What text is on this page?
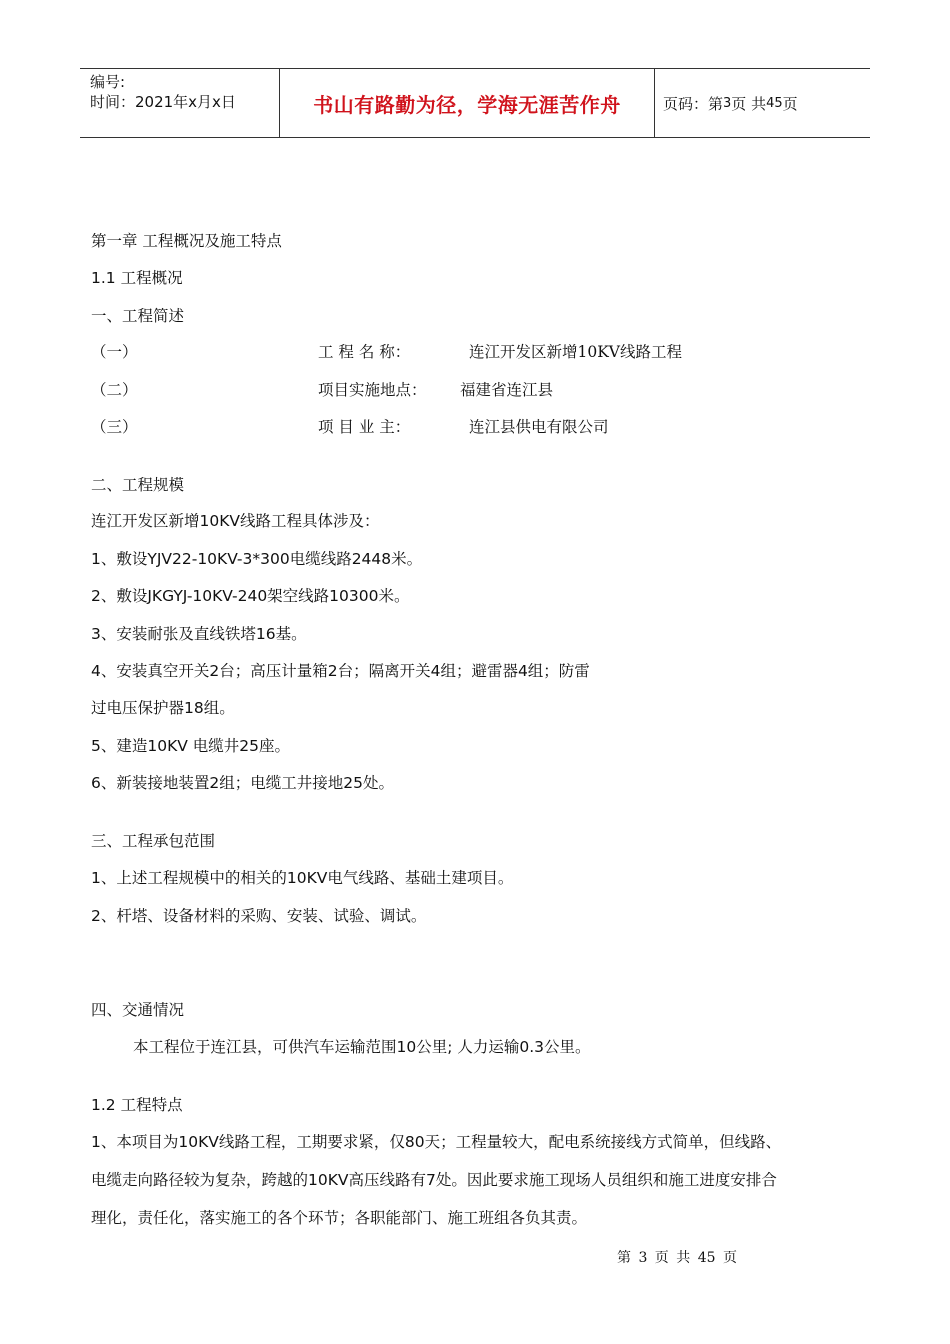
编号:
时间：2021年x月x日	书山有路勤为径，学海无涯苦作舟	页码：第 3 页 共 45 页
第一章 工程概况及施工特点
1.1 工程概况
一、工程简述
（一）	工 程 名 称：	连江开发区新增10KV线路工程
（二）	项目实施地点： 福建省连江县
（三）	项 目 业 主：	连江县供电有限公司
二、工程规模
连江开发区新增10KV线路工程具体涉及：
1、敷设YJV22-10KV-3*300电缆线路2448米。
2、敷设JKGYJ-10KV-240架空线路10300米。
3、安装耐张及直线铁塔16基。
4、安装真空开关2台；高压计量箱2台；隔离开关4组；避雷器4组；防雷
过电压保护器18组。
5、建造10KV 电缆井25座。
6、新装接地装置2组；电缆工井接地25处。
三、工程承包范围
1、上述工程规模中的相关的10KV电气线路、基础土建项目。
2、杆塔、设备材料的采购、安装、试验、调试。
四、交通情况
本工程位于连江县，可供汽车运输范围10公里; 人力运输0.3公里。
1.2 工程特点
1、本项目为10KV线路工程，工期要求紧，仅80天；工程量较大，配电系统接线方式简单，但线路、
电缆走向路径较为复杂，跨越的10KV高压线路有7处。因此要求施工现场人员组织和施工进度安排合
理化，责任化，落实施工的各个环节；各职能部门、施工班组各负其责。
第 3 页 共 45 页
